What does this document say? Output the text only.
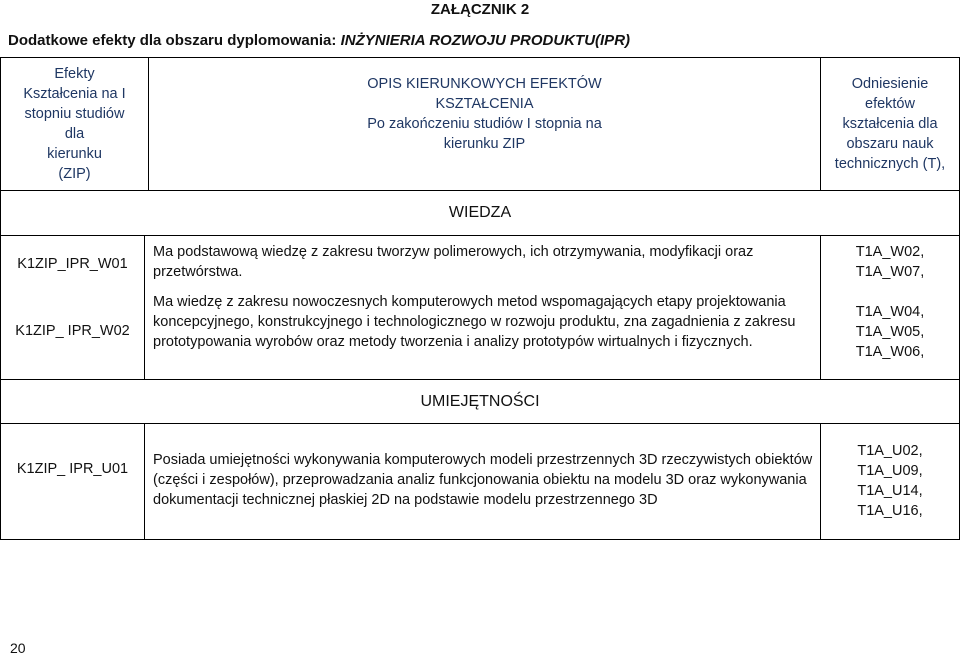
ZAŁĄCZNIK 2
Dodatkowe efekty dla obszaru dyplomowania: INŻYNIERIA ROZWOJU PRODUKTU(IPR)
Efekty
Kształcenia na I
stopniu studiów
dla
kierunku
(ZIP)
OPIS KIERUNKOWYCH EFEKTÓW
KSZTAŁCENIA
Po zakończeniu studiów I stopnia na
kierunku ZIP
Odniesienie
efektów
kształcenia dla
obszaru nauk
technicznych (T),
WIEDZA
K1ZIP_IPR_W01
Ma podstawową wiedzę z zakresu tworzyw polimerowych, ich otrzymywania, modyfikacji oraz przetwórstwa.
T1A_W02,
T1A_W07,
K1ZIP_ IPR_W02
Ma wiedzę z zakresu nowoczesnych komputerowych metod wspomagających etapy projektowania koncepcyjnego, konstrukcyjnego i technologicznego w rozwoju produktu, zna zagadnienia z zakresu prototypowania wyrobów oraz metody tworzenia i analizy prototypów wirtualnych i fizycznych.
T1A_W04,
T1A_W05,
T1A_W06,
UMIEJĘTNOŚCI
K1ZIP_ IPR_U01
Posiada umiejętności wykonywania komputerowych modeli przestrzennych 3D rzeczywistych obiektów (części i zespołów), przeprowadzania analiz funkcjonowania obiektu na modelu 3D oraz wykonywania dokumentacji technicznej płaskiej 2D na podstawie modelu przestrzennego 3D
T1A_U02,
T1A_U09,
T1A_U14,
T1A_U16,
20
